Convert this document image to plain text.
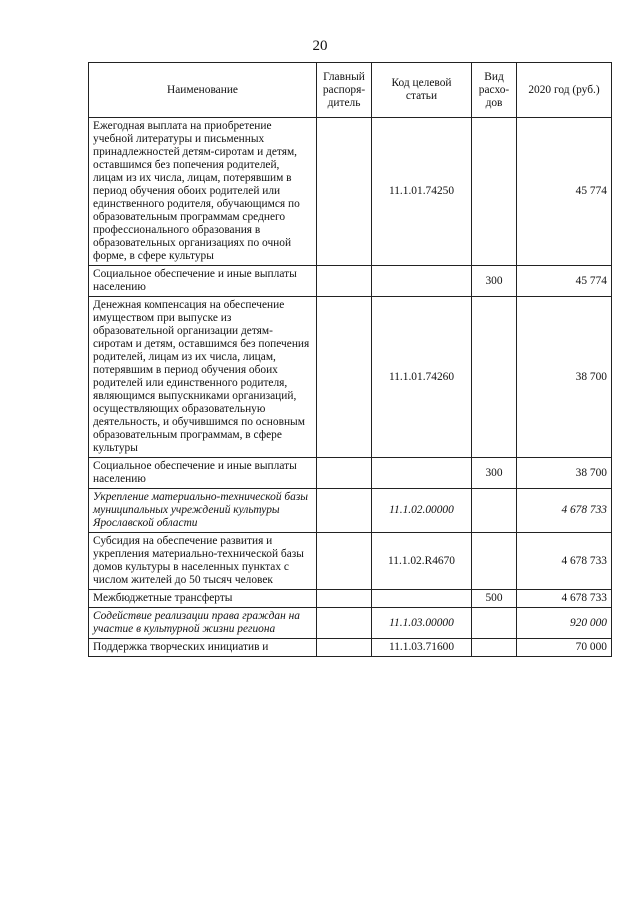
20
Наименование	Главный распоря-дитель	Код целевой статьи	Вид расхо-дов	2020 год (руб.)
Ежегодная выплата на приобретение учебной литературы и письменных принадлежностей детям-сиротам и детям, оставшимся без попечения родителей, лицам из их числа, лицам, потерявшим в период обучения обоих родителей или единственного родителя, обучающимся по образовательным программам среднего профессионального образования в образовательных организациях по очной форме, в сфере культуры		11.1.01.74250		45 774
Социальное обеспечение и иные выплаты населению			300	45 774
Денежная компенсация на обеспечение имуществом при выпуске из образовательной организации детям-сиротам и детям, оставшимся без попечения родителей, лицам из их числа, лицам, потерявшим в период обучения обоих родителей или единственного родителя, являющимся выпускниками организаций, осуществляющих образовательную деятельность, и обучившимся по основным образовательным программам, в сфере культуры		11.1.01.74260		38 700
Социальное обеспечение и иные выплаты населению			300	38 700
Укрепление материально-технической базы муниципальных учреждений культуры Ярославской области		11.1.02.00000		4 678 733
Субсидия на обеспечение развития и укрепления материально-технической базы домов культуры в населенных пунктах с числом жителей до 50 тысяч человек		11.1.02.R4670		4 678 733
Межбюджетные трансферты			500	4 678 733
Содействие реализации права граждан на участие в культурной жизни региона		11.1.03.00000		920 000
Поддержка творческих инициатив и		11.1.03.71600		70 000
